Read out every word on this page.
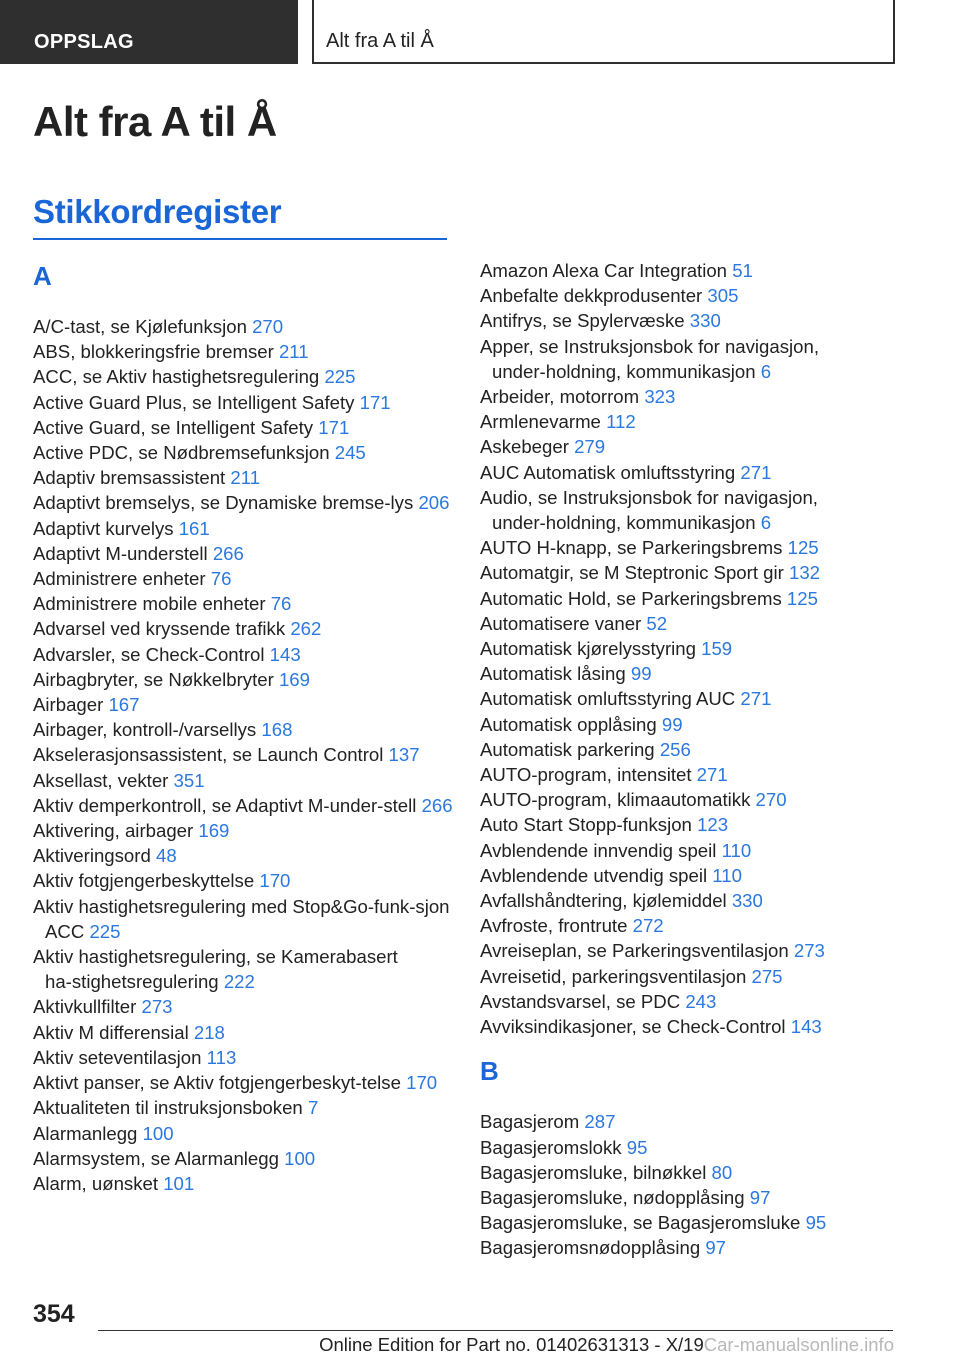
OPPSLAG	Alt fra A til Å
Alt fra A til Å
Stikkordregister
A
A/C-tast, se Kjølefunksjon 270
ABS, blokkeringsfrie bremser 211
ACC, se Aktiv hastighetsregulering 225
Active Guard Plus, se Intelligent Safety 171
Active Guard, se Intelligent Safety 171
Active PDC, se Nødbremsefunksjon 245
Adaptiv bremsassistent 211
Adaptivt bremselys, se Dynamiske bremse‑lys 206
Adaptivt kurvelys 161
Adaptivt M-understell 266
Administrere enheter 76
Administrere mobile enheter 76
Advarsel ved kryssende trafikk 262
Advarsler, se Check-Control 143
Airbagbryter, se Nøkkelbryter 169
Airbager 167
Airbager, kontroll-/varsellys 168
Akselerasjonsassistent, se Launch Control 137
Aksellast, vekter 351
Aktiv demperkontroll, se Adaptivt M-under‑stell 266
Aktivering, airbager 169
Aktiveringsord 48
Aktiv fotgjengerbeskyttelse 170
Aktiv hastighetsregulering med Stop&Go-funk‑sjon ACC 225
Aktiv hastighetsregulering, se Kamerabasert ha‑stighetsregulering 222
Aktivkullfilter 273
Aktiv M differensial 218
Aktiv seteventilasjon 113
Aktivt panser, se Aktiv fotgjengerbeskyt‑telse 170
Aktualiteten til instruksjonsboken 7
Alarmanlegg 100
Alarmsystem, se Alarmanlegg 100
Alarm, uønsket 101
Amazon Alexa Car Integration 51
Anbefalte dekkprodusenter 305
Antifrys, se Spylervæske 330
Apper, se Instruksjonsbok for navigasjon, under‑holdning, kommunikasjon 6
Arbeider, motorrom 323
Armlenevarme 112
Askebeger 279
AUC Automatisk omluftsstyring 271
Audio, se Instruksjonsbok for navigasjon, under‑holdning, kommunikasjon 6
AUTO H-knapp, se Parkeringsbrems 125
Automatgir, se M Steptronic Sport gir 132
Automatic Hold, se Parkeringsbrems 125
Automatisere vaner 52
Automatisk kjørelysstyring 159
Automatisk låsing 99
Automatisk omluftsstyring AUC 271
Automatisk opplåsing 99
Automatisk parkering 256
AUTO-program, intensitet 271
AUTO-program, klimaautomatikk 270
Auto Start Stopp-funksjon 123
Avblendende innvendig speil 110
Avblendende utvendig speil 110
Avfallshåndtering, kjølemiddel 330
Avfroste, frontrute 272
Avreiseplan, se Parkeringsventilasjon 273
Avreisetid, parkeringsventilasjon 275
Avstandsvarsel, se PDC 243
Avviksindikasjoner, se Check-Control 143
B
Bagasjerom 287
Bagasjeromslokk 95
Bagasjeromsluke, bilnøkkel 80
Bagasjeromsluke, nødopplåsing 97
Bagasjeromsluke, se Bagasjeromsluke 95
Bagasjeromsnødopplåsing 97
354
Online Edition for Part no. 01402631313 - X/19Car-manualsonline.info
